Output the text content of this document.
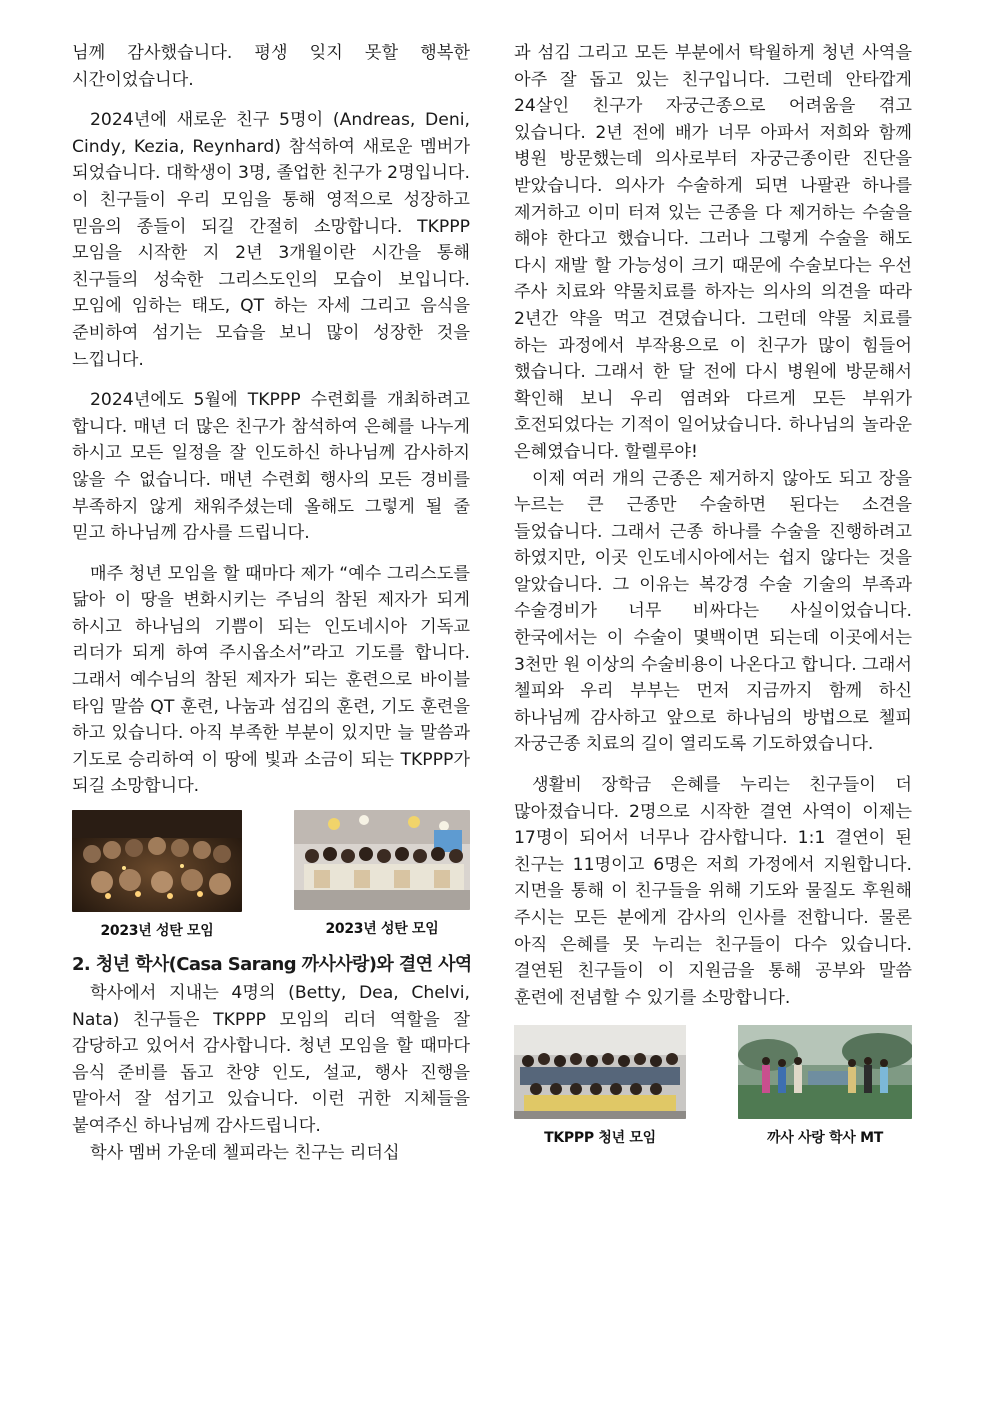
님께 감사했습니다. 평생 잊지 못할 행복한 시간이었습니다.

2024년에 새로운 친구 5명이 (Andreas, Deni, Cindy, Kezia, Reynhard) 참석하여 새로운 멤버가 되었습니다. 대학생이 3명, 졸업한 친구가 2명입니다. 이 친구들이 우리 모임을 통해 영적으로 성장하고 믿음의 종들이 되길 간절히 소망합니다. TKPPP 모임을 시작한 지 2년 3개월이란 시간을 통해 친구들의 성숙한 그리스도인의 모습이 보입니다. 모임에 임하는 태도, QT 하는 자세 그리고 음식을 준비하여 섬기는 모습을 보니 많이 성장한 것을 느낍니다.

2024년에도 5월에 TKPPP 수련회를 개최하려고 합니다. 매년 더 많은 친구가 참석하여 은혜를 나누게 하시고 모든 일정을 잘 인도하신 하나님께 감사하지 않을 수 없습니다. 매년 수련회 행사의 모든 경비를 부족하지 않게 채워주셨는데 올해도 그렇게 될 줄 믿고 하나님께 감사를 드립니다.

매주 청년 모임을 할 때마다 제가 “예수 그리스도를 닮아 이 땅을 변화시키는 주님의 참된 제자가 되게 하시고 하나님의 기쁨이 되는 인도네시아 기독교 리더가 되게 하여 주시옵소서”라고 기도를 합니다. 그래서 예수님의 참된 제자가 되는 훈련으로 바이블 타임 말씀 QT 훈련, 나눔과 섬김의 훈련, 기도 훈련을 하고 있습니다. 아직 부족한 부분이 있지만 늘 말씀과 기도로 승리하여 이 땅에 빛과 소금이 되는 TKPPP가 되길 소망합니다.

2023년 성탄 모임	2023년 성탄 모임
2. 청년 학사(Casa Sarang 까사사랑)와 결연 사역

학사에서 지내는 4명의 (Betty, Dea, Chelvi, Nata) 친구들은 TKPPP 모임의 리더 역할을 잘 감당하고 있어서 감사합니다. 청년 모임을 할 때마다 음식 준비를 돕고 찬양 인도, 설교, 행사 진행을 맡아서 잘 섬기고 있습니다. 이런 귀한 지체들을 붙여주신 하나님께 감사드립니다.

학사 멤버 가운데 첼피라는 친구는 리더십

과 섬김 그리고 모든 부분에서 탁월하게 청년 사역을 아주 잘 돕고 있는 친구입니다. 그런데 안타깝게 24살인 친구가 자궁근종으로 어려움을 겪고 있습니다. 2년 전에 배가 너무 아파서 저희와 함께 병원 방문했는데 의사로부터 자궁근종이란 진단을 받았습니다. 의사가 수술하게 되면 나팔관 하나를 제거하고 이미 터져 있는 근종을 다 제거하는 수술을 해야 한다고 했습니다. 그러나 그렇게 수술을 해도 다시 재발 할 가능성이 크기 때문에 수술보다는 우선 주사 치료와 약물치료를 하자는 의사의 의견을 따라 2년간 약을 먹고 견뎠습니다. 그런데 약물 치료를 하는 과정에서 부작용으로 이 친구가 많이 힘들어 했습니다. 그래서 한 달 전에 다시 병원에 방문해서 확인해 보니 우리 염려와 다르게 모든 부위가 호전되었다는 기적이 일어났습니다. 하나님의 놀라운 은혜였습니다. 할렐루야!

이제 여러 개의 근종은 제거하지 않아도 되고 장을 누르는 큰 근종만 수술하면 된다는 소견을 들었습니다. 그래서 근종 하나를 수술을 진행하려고 하였지만, 이곳 인도네시아에서는 쉽지 않다는 것을 알았습니다. 그 이유는 복강경 수술 기술의 부족과 수술경비가 너무 비싸다는 사실이었습니다. 한국에서는 이 수술이 몇백이면 되는데 이곳에서는 3천만 원 이상의 수술비용이 나온다고 합니다. 그래서 첼피와 우리 부부는 먼저 지금까지 함께 하신 하나님께 감사하고 앞으로 하나님의 방법으로 첼피 자궁근종 치료의 길이 열리도록 기도하였습니다.

생활비 장학금 은혜를 누리는 친구들이 더 많아졌습니다. 2명으로 시작한 결연 사역이 이제는 17명이 되어서 너무나 감사합니다. 1:1 결연이 된 친구는 11명이고 6명은 저희 가정에서 지원합니다. 지면을 통해 이 친구들을 위해 기도와 물질도 후원해 주시는 모든 분에게 감사의 인사를 전합니다. 물론 아직 은혜를 못 누리는 친구들이 다수 있습니다. 결연된 친구들이 이 지원금을 통해 공부와 말씀 훈련에 전념할 수 있기를 소망합니다.

TKPPP 청년 모임	까사 사랑 학사 MT
